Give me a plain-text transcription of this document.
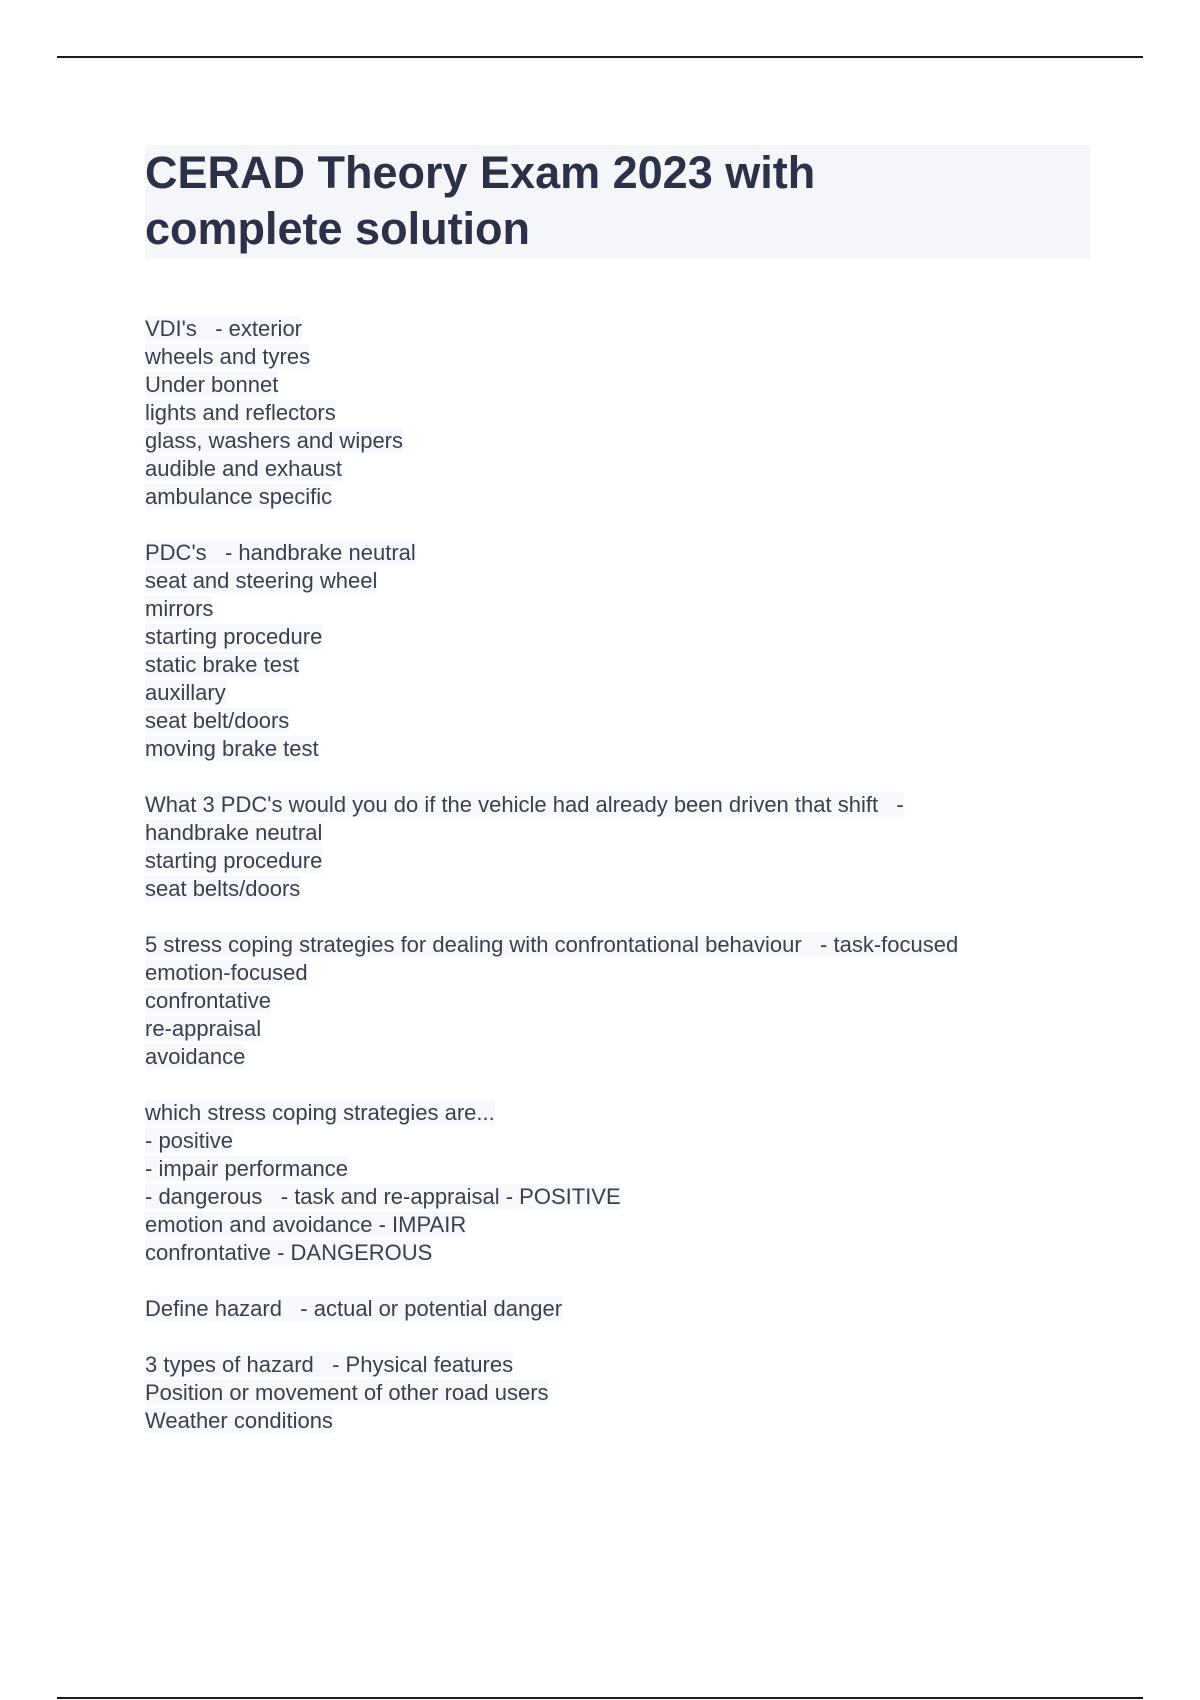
CERAD Theory Exam 2023 with complete solution
VDI's   - exterior
wheels and tyres
Under bonnet
lights and reflectors
glass, washers and wipers
audible and exhaust
ambulance specific
PDC's   - handbrake neutral
seat and steering wheel
mirrors
starting procedure
static brake test
auxillary
seat belt/doors
moving brake test
What 3 PDC's would you do if the vehicle had already been driven that shift   -
handbrake neutral
starting procedure
seat belts/doors
5 stress coping strategies for dealing with confrontational behaviour   - task-focused
emotion-focused
confrontative
re-appraisal
avoidance
which stress coping strategies are...
- positive
- impair performance
- dangerous   - task and re-appraisal - POSITIVE
emotion and avoidance - IMPAIR
confrontative - DANGEROUS
Define hazard   - actual or potential danger
3 types of hazard   - Physical features
Position or movement of other road users
Weather conditions
